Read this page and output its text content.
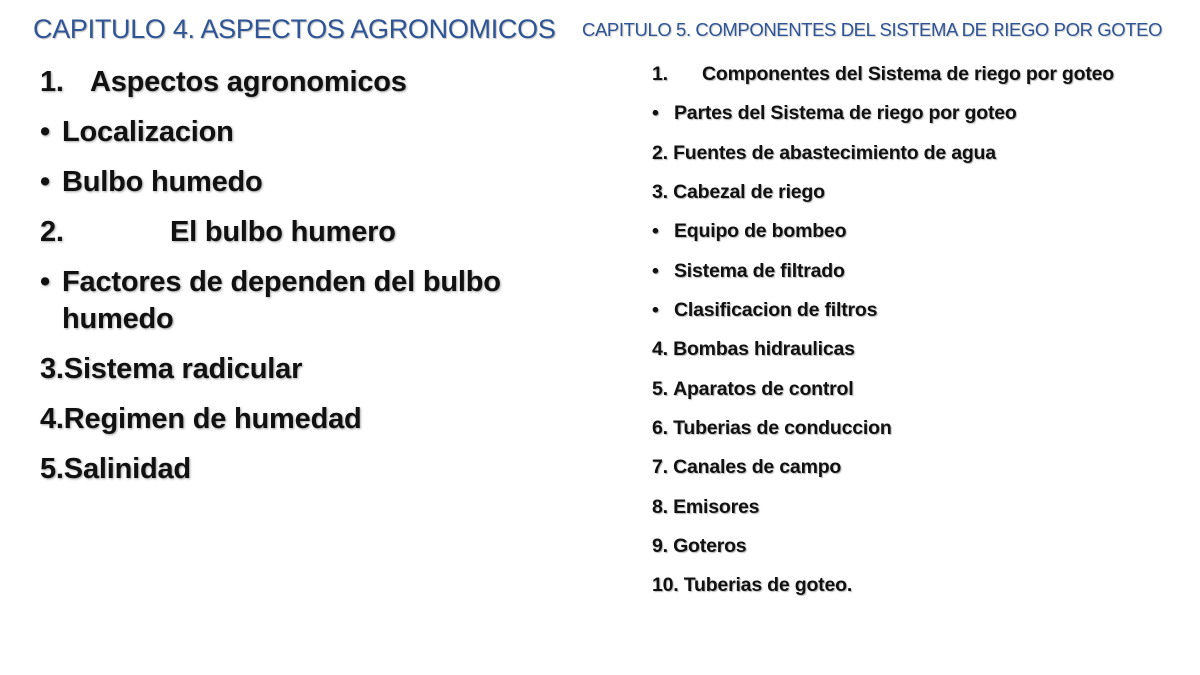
CAPITULO 4. ASPECTOS AGRONOMICOS CAPITULO 5. COMPONENTES DEL SISTEMA DE RIEGO POR GOTEO
1. Aspectos agronomicos
• Localizacion
• Bulbo humedo
2.	El bulbo humero
• Factores de dependen del bulbo humedo
3. Sistema radicular
4. Regimen de humedad
5. Salinidad
1.	Componentes del Sistema de riego por goteo
• Partes del Sistema de riego por goteo
2.
Fuentes de abastecimiento de agua
3.
Cabezal de riego
• Equipo de bombeo
• Sistema de filtrado
• Clasificacion de filtros
4.
Bombas hidraulicas
5.
Aparatos de control
6.
Tuberias de conduccion
7.
Canales de campo
8.
Emisores
9.
Goteros
10.
Tuberias de goteo.
